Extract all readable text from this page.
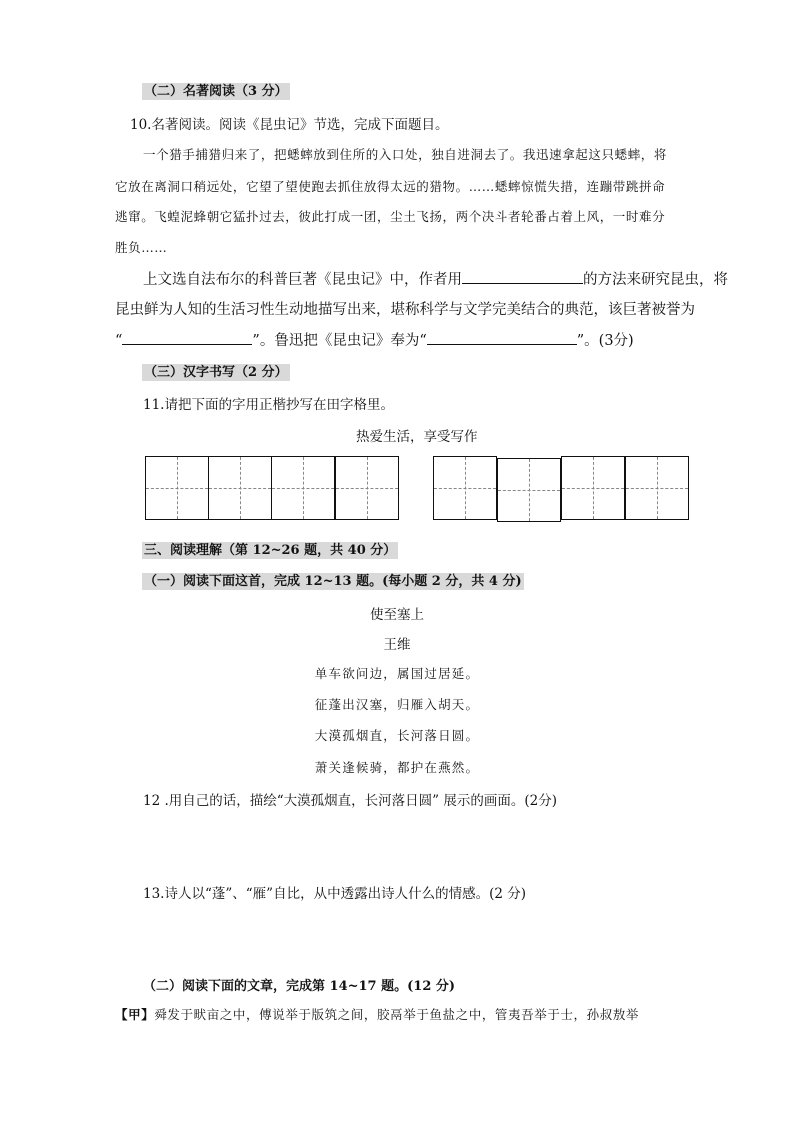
（二）名著阅读（3 分）
10.名著阅读。阅读《昆虫记》节选，完成下面题目。
一个猎手捕猎归来了，把蟋蟀放到住所的入口处，独自进洞去了。我迅速拿起这只蟋蟀，将
它放在离洞口稍远处，它望了望使跑去抓住放得太远的猎物。……蟋蟀惊慌失措，连蹦带跳拼命
逃窜。飞蝗泥蜂朝它猛扑过去，彼此打成一团，尘土飞扬，两个决斗者轮番占着上风，一时难分
胜负……
上文选自法布尔的科普巨著《昆虫记》中，作者用	的方法来研究昆虫，将
昆虫鲜为人知的生活习性生动地描写出来，堪称科学与文学完美结合的典范，该巨著被誉为
“	”。鲁迅把《昆虫记》奉为“	”。(3分)
（三）汉字书写（2 分）
11.请把下面的字用正楷抄写在田字格里。
热爱生活，享受写作
三、阅读理解（第 12~26 题，共 40 分）
（一）阅读下面这首，完成 12~13 题。(每小题 2 分，共 4 分)
使至塞上
王维
单车欲问边，属国过居延。
征蓬出汉塞，归雁入胡天。
大漠孤烟直，长河落日圆。
萧关逢候骑，都护在燕然。
12 .用自己的话，描绘“大漠孤烟直，长河落日圆” 展示的画面。(2分)
13.诗人以“蓬”、“雁”自比，从中透露出诗人什么的情感。(2 分)
（二）阅读下面的文章，完成第 14~17 题。(12 分)
【甲】舜发于畎亩之中，傅说举于版筑之间，胶鬲举于鱼盐之中，管夷吾举于士，孙叔敖举
